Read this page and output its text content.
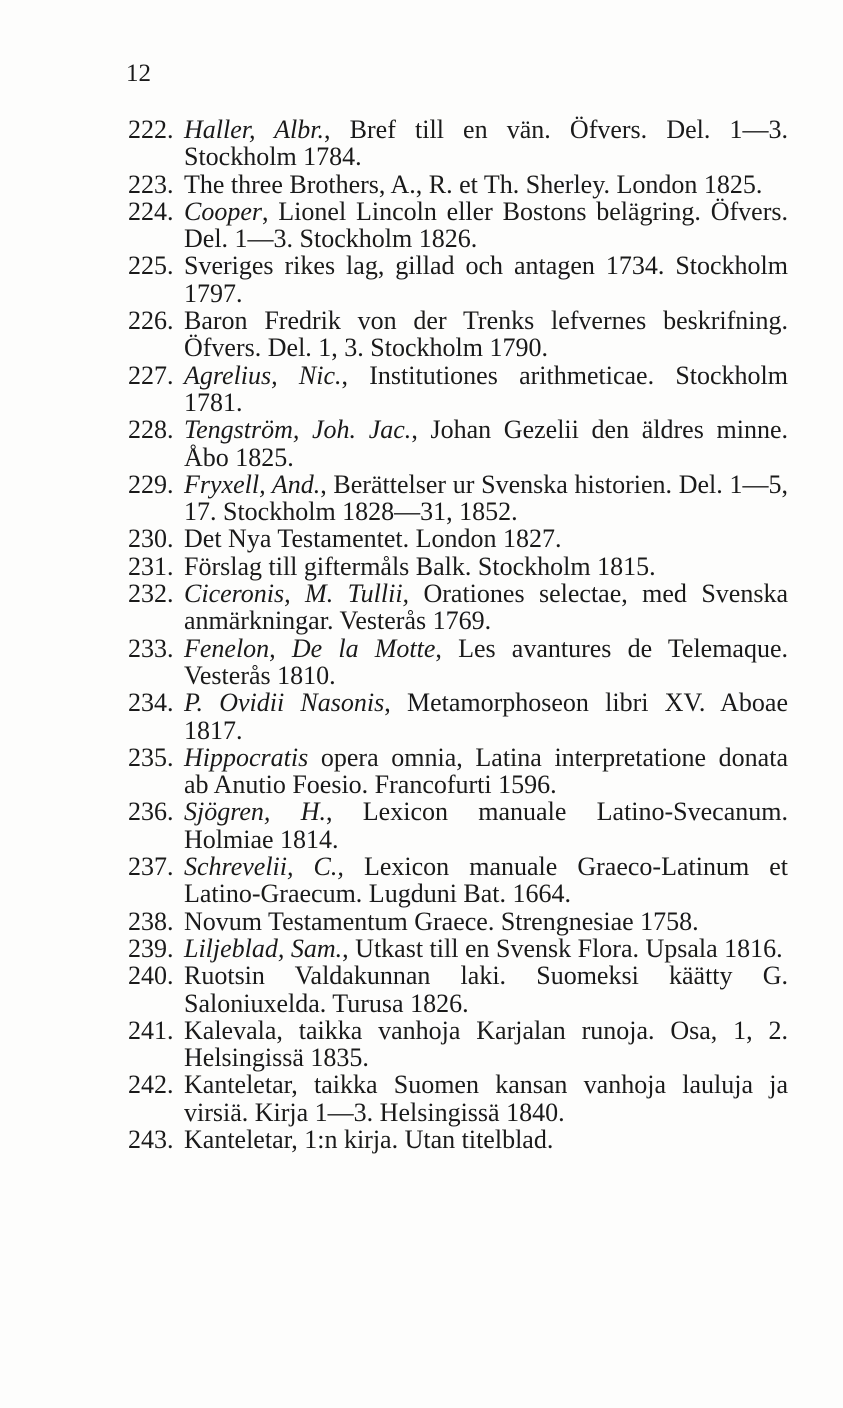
12
222. Haller, Albr., Bref till en vän. Öfvers. Del. 1—3. Stockholm 1784.
223. The three Brothers, A., R. et Th. Sherley. London 1825.
224. Cooper, Lionel Lincoln eller Bostons belägring. Öfvers. Del. 1—3. Stockholm 1826.
225. Sveriges rikes lag, gillad och antagen 1734. Stockholm 1797.
226. Baron Fredrik von der Trenks lefvernes beskrifning. Öfvers. Del. 1, 3. Stockholm 1790.
227. Agrelius, Nic., Institutiones arithmeticae. Stockholm 1781.
228. Tengström, Joh. Jac., Johan Gezelii den äldres minne. Åbo 1825.
229. Fryxell, And., Berättelser ur Svenska historien. Del. 1—5, 17. Stockholm 1828—31, 1852.
230. Det Nya Testamentet. London 1827.
231. Förslag till giftermåls Balk. Stockholm 1815.
232. Ciceronis, M. Tullii, Orationes selectae, med Svenska anmärkningar. Vesterås 1769.
233. Fenelon, De la Motte, Les avantures de Telemaque. Vesterås 1810.
234. P. Ovidii Nasonis, Metamorphoseon libri XV. Aboae 1817.
235. Hippocratis opera omnia, Latina interpretatione donata ab Anutio Foesio. Francofurti 1596.
236. Sjögren, H., Lexicon manuale Latino-Svecanum. Holmiae 1814.
237. Schrevelii, C., Lexicon manuale Graeco-Latinum et Latino-Graecum. Lugduni Bat. 1664.
238. Novum Testamentum Graece. Strengnesiae 1758.
239. Liljeblad, Sam., Utkast till en Svensk Flora. Upsala 1816.
240. Ruotsin Valdakunnan laki. Suomeksi käätty G. Saloniuxelda. Turusa 1826.
241. Kalevala, taikka vanhoja Karjalan runoja. Osa, 1, 2. Helsingissä 1835.
242. Kanteletar, taikka Suomen kansan vanhoja lauluja ja virsiä. Kirja 1—3. Helsingissä 1840.
243. Kanteletar, 1:n kirja. Utan titelblad.
